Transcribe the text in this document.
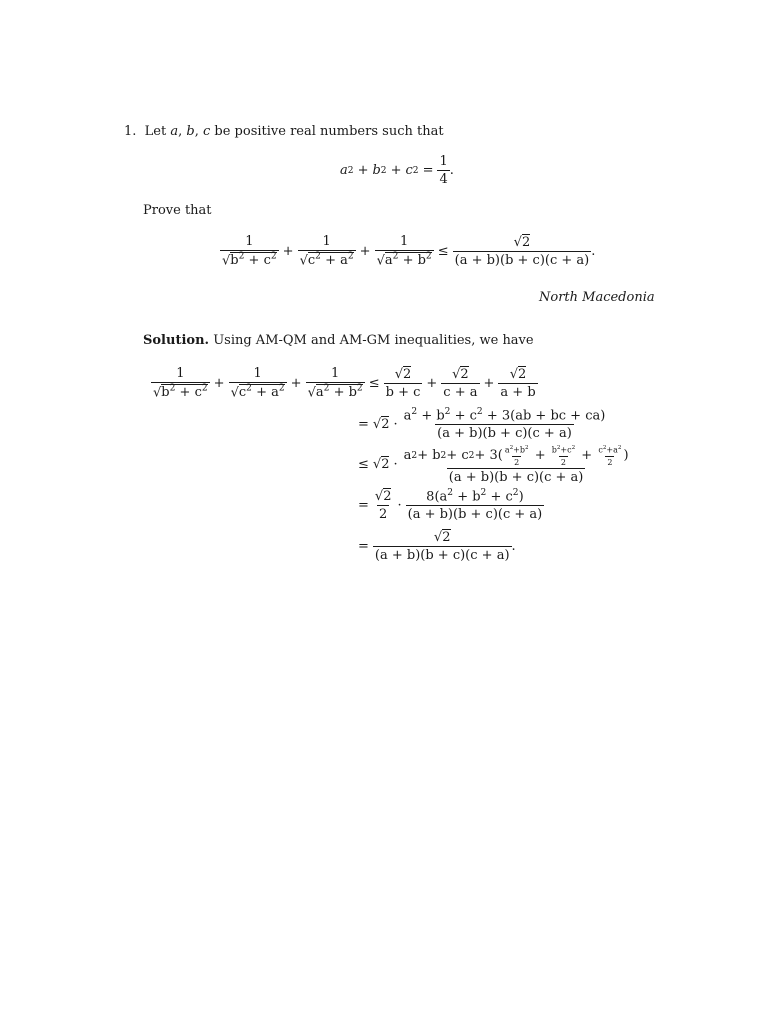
1.  Let a, b, c be positive real numbers such that
a 2 + b 2 + c $2 = \frac{1}{4}$ .
Prove that
$\frac{1}{√b^2 + c^2} + \frac{1}{√c^2 + a^2} + \frac{1}{√a^2 + b^2} \le \frac{√2}{(a + b)(b + c)(c + a)}$ .
North Macedonia
Solution. Using AM-QM and AM-GM inequalities, we have
$\frac{1}{√b^2 + c^2} + \frac{1}{√c^2 + a^2} + \frac{1}{√a^2 + b^2} \le \frac{√2}{b + c} + \frac{√2}{c + a} + \frac{√2}{a + b}$
= $√2 \cdot \frac{a^2 + b^2 + c^2 + 3(ab + bc + ca)}{(a + b)(b + c)(c + a)}$
≤ √2 ·
a 2 + b 2 + c $2 + 3( \frac{a^2+b^2}{2} + \frac{b^2+c^2}{2} + \frac{c^2+a^2}{2}$ )
(a + b)(b + c)(c + a)
= $\frac{√2}{2} \cdot \frac{8(a^2 + b^2 + c^2)}{(a + b)(b + c)(c + a)}$
= $\frac{√2}{(a + b)(b + c)(c + a)}$ .
